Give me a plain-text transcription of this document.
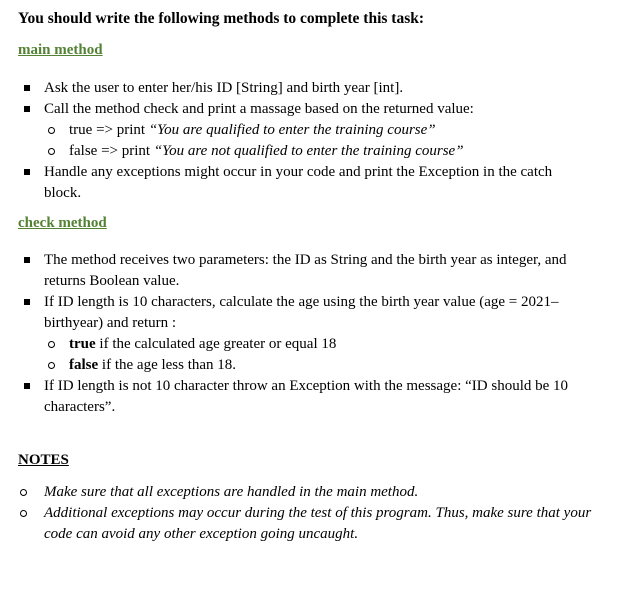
You should write the following methods to complete this task:
main method
Ask the user to enter her/his ID [String] and birth year [int].
Call the method check and print a massage based on the returned value:
true => print “You are qualified to enter the training course”
false => print “You are not qualified to enter the training course”
Handle any exceptions might occur in your code and print the Exception in the catch block.
check method
The method receives two parameters: the ID as String and the birth year as integer, and returns Boolean value.
If ID length is 10 characters, calculate the age using the birth year value (age = 2021– birthyear) and return :
true if the calculated age greater or equal 18
false if the age less than 18.
If ID length is not 10 character throw an Exception with the message: “ID should be 10 characters”.
NOTES
Make sure that all exceptions are handled in the main method.
Additional exceptions may occur during the test of this program. Thus, make sure that your code can avoid any other exception going uncaught.
